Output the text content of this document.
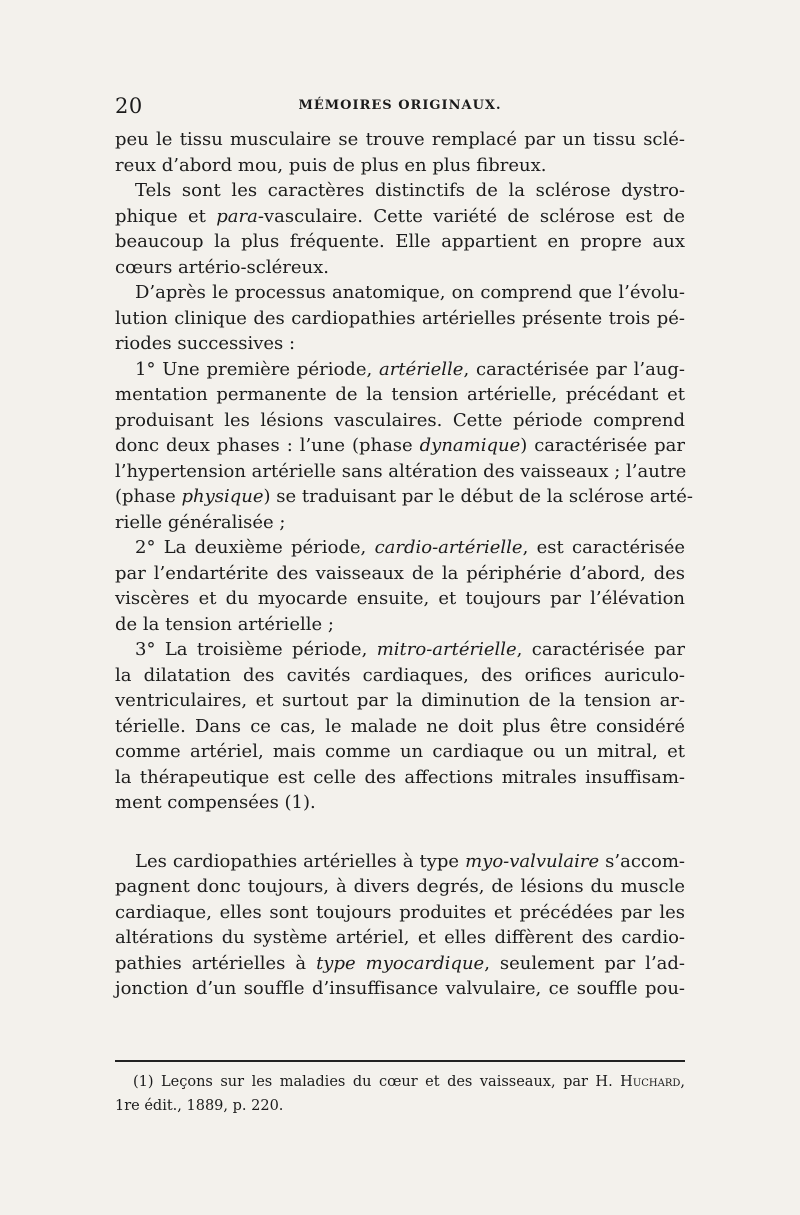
20	MÉMOIRES ORIGINAUX.
peu le tissu musculaire se trouve remplacé par un tissu sclé-
reux d’abord mou, puis de plus en plus fibreux.
Tels sont les caractères distinctifs de la sclérose dystro-
phique et para-vasculaire. Cette variété de sclérose est de
beaucoup la plus fréquente. Elle appartient en propre aux
cœurs artério-scléreux.
D’après le processus anatomique, on comprend que l’évolu-
lution clinique des cardiopathies artérielles présente trois pé-
riodes successives :
1° Une première période, artérielle, caractérisée par l’aug-
mentation permanente de la tension artérielle, précédant et
produisant les lésions vasculaires. Cette période comprend
donc deux phases : l’une (phase dynamique) caractérisée par
l’hypertension artérielle sans altération des vaisseaux ; l’autre
(phase physique) se traduisant par le début de la sclérose arté-
rielle généralisée ;
2° La deuxième période, cardio-artérielle, est caractérisée
par l’endartérite des vaisseaux de la périphérie d’abord, des
viscères et du myocarde ensuite, et toujours par l’élévation
de la tension artérielle ;
3° La troisième période, mitro-artérielle, caractérisée par
la dilatation des cavités cardiaques, des orifices auriculo-
ventriculaires, et surtout par la diminution de la tension ar-
térielle. Dans ce cas, le malade ne doit plus être considéré
comme artériel, mais comme un cardiaque ou un mitral, et
la thérapeutique est celle des affections mitrales insuffisam-
ment compensées (1).
Les cardiopathies artérielles à type myo-valvulaire s’accom-
pagnent donc toujours, à divers degrés, de lésions du muscle
cardiaque, elles sont toujours produites et précédées par les
altérations du système artériel, et elles diffèrent des cardio-
pathies artérielles à type myocardique, seulement par l’ad-
jonction d’un souffle d’insuffisance valvulaire, ce souffle pou-
(1) Leçons sur les maladies du cœur et des vaisseaux, par H. Huchard,
1re édit., 1889, p. 220.
